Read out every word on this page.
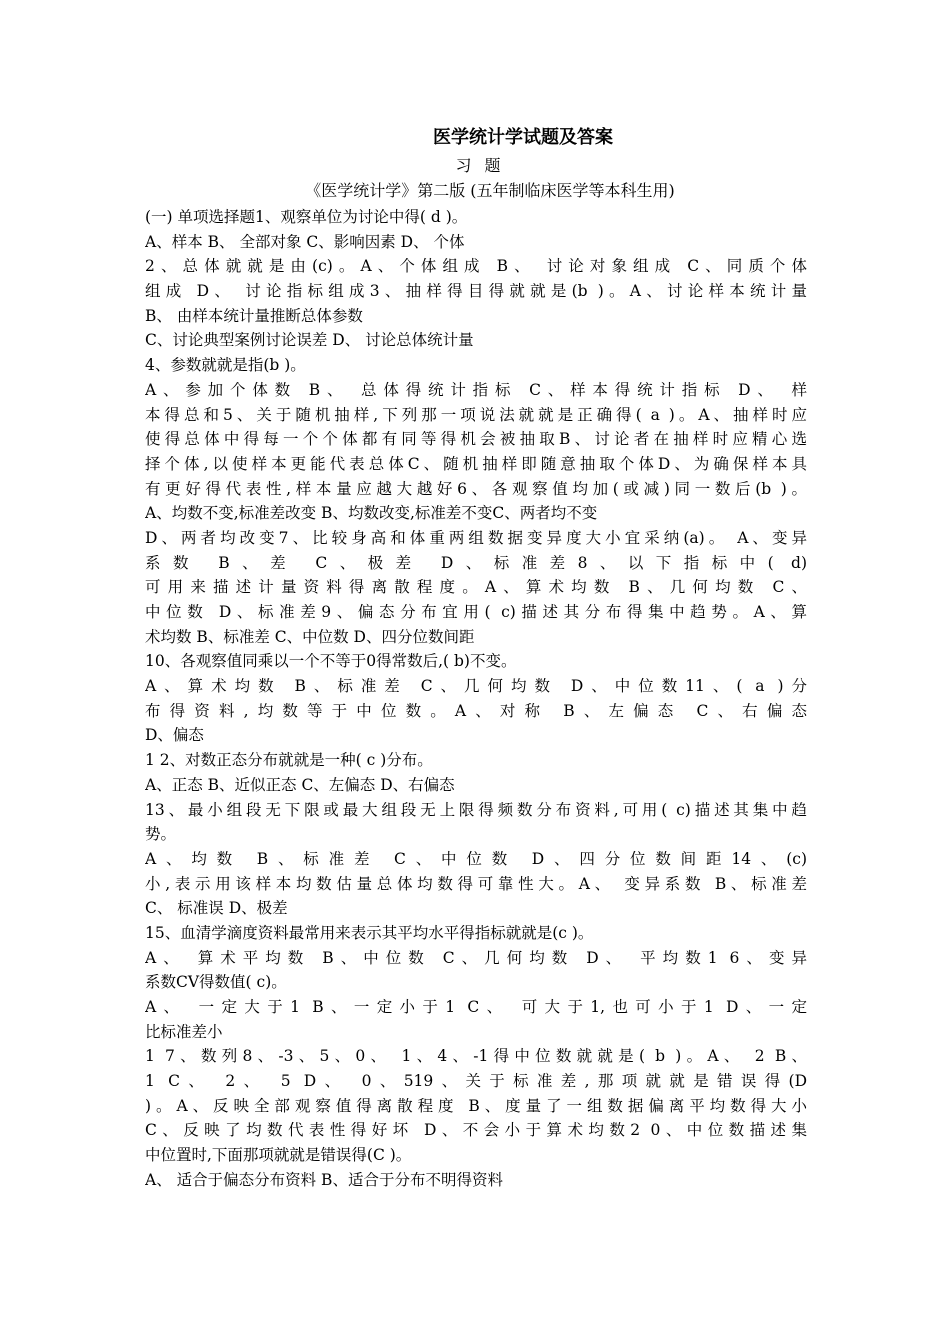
医学统计学试题及答案
习 题
《医学统计学》第二版 (五年制临床医学等本科生用)
(一) 单项选择题1、观察单位为讨论中得( d )。
A、样本 B、 全部对象 C、影响因素 D、 个体
2、总体就就是由(c)。A、个体组成 B、 讨论对象组成 C、同质个体
组成 D、 讨论指标组成3、抽样得目得就就是(b )。A、讨论样本统计量
B、 由样本统计量推断总体参数
C、讨论典型案例讨论误差 D、 讨论总体统计量
4、参数就就是指(b )。
A、参加个体数 B、 总体得统计指标 C、样本得统计指标 D、 样
本得总和5、关于随机抽样,下列那一项说法就就是正确得( a )。A、抽样时应
使得总体中得每一个个体都有同等得机会被抽取B、讨论者在抽样时应精心选
择个体,以使样本更能代表总体C、随机抽样即随意抽取个体D、为确保样本具
有更好得代表性,样本量应越大越好6、各观察值均加(或减)同一数后(b )。
A、均数不变,标准差改变 B、均数改变,标准差不变C、两者均不变
D、两者均改变7、比较身高和体重两组数据变异度大小宜采纳(a)。 A、变异
系数 B、差 C、极差 D、标准差8、以下指标中( d)
可用来描述计量资料得离散程度。A、算术均数 B、几何均数 C、
中位数 D、标准差9、偏态分布宜用( c)描述其分布得集中趋势。A、算
术均数 B、标准差 C、中位数 D、四分位数间距
10、各观察值同乘以一个不等于0得常数后,( b)不变。
A、算术均数 B、标准差 C、几何均数 D、中位数11、( a )分
布得资料,均数等于中位数。A、对称 B、左偏态 C、右偏态
D、偏态
1 2、对数正态分布就就是一种( c )分布。
A、正态 B、近似正态 C、左偏态 D、右偏态
13、最小组段无下限或最大组段无上限得频数分布资料,可用( c)描述其集中趋
势。
A、均数 B、标准差 C、中位数 D、四分位数间距14、(c)
小,表示用该样本均数估量总体均数得可靠性大。A、 变异系数 B、标准差
C、 标准误 D、极差
15、血清学滴度资料最常用来表示其平均水平得指标就就是(c )。
A、 算术平均数 B、中位数 C、几何均数 D、 平均数1 6、变异
系数CV得数值( c)。
A、 一定大于1 B、一定小于1 C、 可大于1,也可小于1 D、一定
比标准差小
1 7、数列8、-3、5、0、 1、4、-1得中位数就就是( b )。A、 2 B、
1 C、 2、 5 D、 0、519、关于标准差,那项就就是错误得(D
)。A、反映全部观察值得离散程度 B、度量了一组数据偏离平均数得大小
C、反映了均数代表性得好坏 D、不会小于算术均数2 0、中位数描述集
中位置时,下面那项就就是错误得(C )。
A、 适合于偏态分布资料 B、适合于分布不明得资料
